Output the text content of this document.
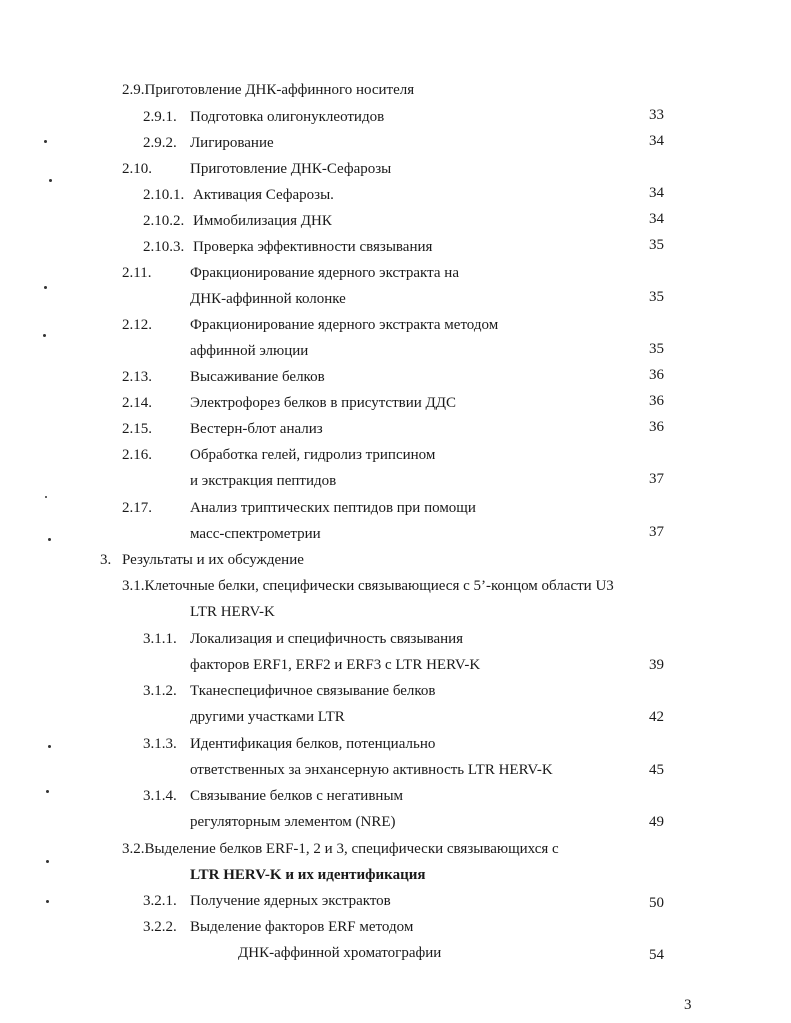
2.9.Приготовление ДНК-аффинного носителя
2.9.1. Подготовка олигонуклеотидов	33
2.9.2. Лигирование	34
2.10.	Приготовление ДНК-Сефарозы
2.10.1. Активация Сефарозы.	34
2.10.2. Иммобилизация ДНК	34
2.10.3. Проверка эффективности связывания	35
2.11.	Фракционирование ядерного экстракта на
ДНК-аффинной колонке	35
2.12.	Фракционирование ядерного экстракта методом
аффинной элюции	35
2.13.	Высаживание белков	36
2.14.	Электрофорез белков в присутствии ДДС	36
2.15.	Вестерн-блот анализ	36
2.16.	Обработка гелей, гидролиз трипсином
и экстракция пептидов	37
2.17.	Анализ триптических пептидов при помощи
масс-спектрометрии	37
3. Результаты и их обсуждение
3.1.Клеточные белки, специфически связывающиеся с 5’-концом области U3
LTR HERV-K
3.1.1. Локализация и специфичность связывания
факторов ERF1, ERF2 и ERF3 с LTR HERV-K	39
3.1.2. Тканеспецифичное связывание белков
другими участками LTR	42
3.1.3. Идентификация белков, потенциально
ответственных за энхансерную активность LTR HERV-K	45
3.1.4. Связывание белков с негативным
регуляторным элементом (NRE)	49
3.2.Выделение белков ERF-1, 2 и 3, специфически связывающихся с
LTR HERV-K и их идентификация
3.2.1. Получение ядерных экстрактов	50
3.2.2. Выделение факторов ERF методом
ДНК-аффинной хроматографии	54
3
